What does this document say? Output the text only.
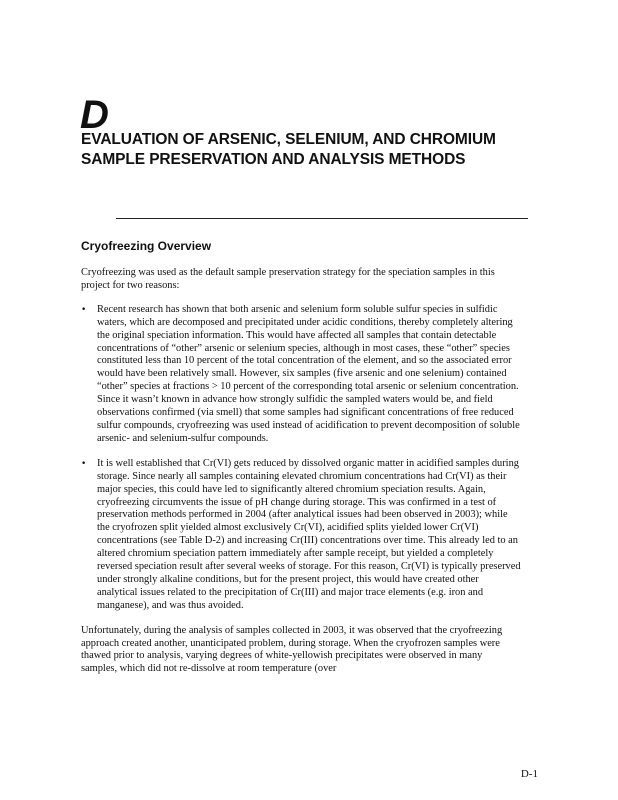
D
EVALUATION OF ARSENIC, SELENIUM, AND CHROMIUM SAMPLE PRESERVATION AND ANALYSIS METHODS
Cryofreezing Overview

Cryofreezing was used as the default sample preservation strategy for the speciation samples in this project for two reasons:

• Recent research has shown that both arsenic and selenium form soluble sulfur species in sulfidic waters, which are decomposed and precipitated under acidic conditions, thereby completely altering the original speciation information. This would have affected all samples that contain detectable concentrations of “other” arsenic or selenium species, although in most cases, these “other” species constituted less than 10 percent of the total concentration of the element, and so the associated error would have been relatively small. However, six samples (five arsenic and one selenium) contained “other” species at fractions > 10 percent of the corresponding total arsenic or selenium concentration. Since it wasn’t known in advance how strongly sulfidic the sampled waters would be, and field observations confirmed (via smell) that some samples had significant concentrations of free reduced sulfur compounds, cryofreezing was used instead of acidification to prevent decomposition of soluble arsenic- and selenium-sulfur compounds.
• It is well established that Cr(VI) gets reduced by dissolved organic matter in acidified samples during storage. Since nearly all samples containing elevated chromium concentrations had Cr(VI) as their major species, this could have led to significantly altered chromium speciation results. Again, cryofreezing circumvents the issue of pH change during storage. This was confirmed in a test of preservation methods performed in 2004 (after analytical issues had been observed in 2003); while the cryofrozen split yielded almost exclusively Cr(VI), acidified splits yielded lower Cr(VI) concentrations (see Table D-2) and increasing Cr(III) concentrations over time. This already led to an altered chromium speciation pattern immediately after sample receipt, but yielded a completely reversed speciation result after several weeks of storage. For this reason, Cr(VI) is typically preserved under strongly alkaline conditions, but for the present project, this would have created other analytical issues related to the precipitation of Cr(III) and major trace elements (e.g. iron and manganese), and was thus avoided.

Unfortunately, during the analysis of samples collected in 2003, it was observed that the cryofreezing approach created another, unanticipated problem, during storage. When the cryofrozen samples were thawed prior to analysis, varying degrees of white-yellowish precipitates were observed in many samples, which did not re-dissolve at room temperature (over

D-1
